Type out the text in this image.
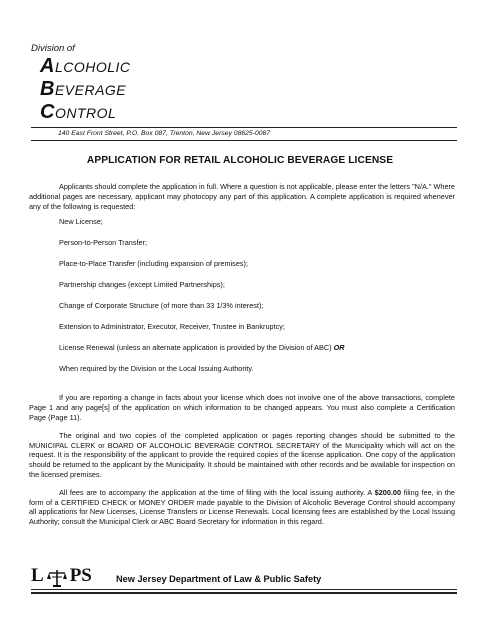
Division of
ALCOHOLIC
BEVERAGE
CONTROL
140 East Front Street, P.O. Box 087, Trenton, New Jersey 08625-0087
APPLICATION FOR RETAIL ALCOHOLIC BEVERAGE LICENSE

Applicants should complete the application in full. Where a question is not applicable, please enter the letters "N/A." Where additional pages are necessary, applicant may photocopy any part of this application. A complete application is required whenever any of the following is requested:

New License;
Person-to-Person Transfer;
Place-to-Place Transfer (including expansion of premises);
Partnership changes (except Limited Partnerships);
Change of Corporate Structure (of more than 33 1/3% interest);
Extension to Administrator, Executor, Receiver, Trustee in Bankruptcy;
License Renewal (unless an alternate application is provided by the Division of ABC) OR
When required by the Division or the Local Issuing Authority.

If you are reporting a change in facts about your license which does not involve one of the above transactions, complete Page 1 and any page[s] of the application on which information to be changed appears. You must also complete a Certification Page (Page 11).

The original and two copies of the completed application or pages reporting changes should be submitted to the MUNICIPAL CLERK or BOARD OF ALCOHOLIC BEVERAGE CONTROL SECRETARY of the Municipality which will act on the request. It is the responsibility of the applicant to provide the required copies of the license application. One copy of the application should be returned to the applicant by the Municipality. It should be maintained with other records and be available for inspection on the licensed premises.

All fees are to accompany the application at the time of filing with the local issuing authority. A $200.00 filing fee, in the form of a CERTIFIED CHECK or MONEY ORDER made payable to the Division of Alcoholic Beverage Control should accompany all applications for New Licenses, License Transfers or License Renewals. Local licensing fees are established by the Local Issuing Authority; consult the Municipal Clerk or ABC Board Secretary for information in this regard.

L PS	New Jersey Department of Law & Public Safety
